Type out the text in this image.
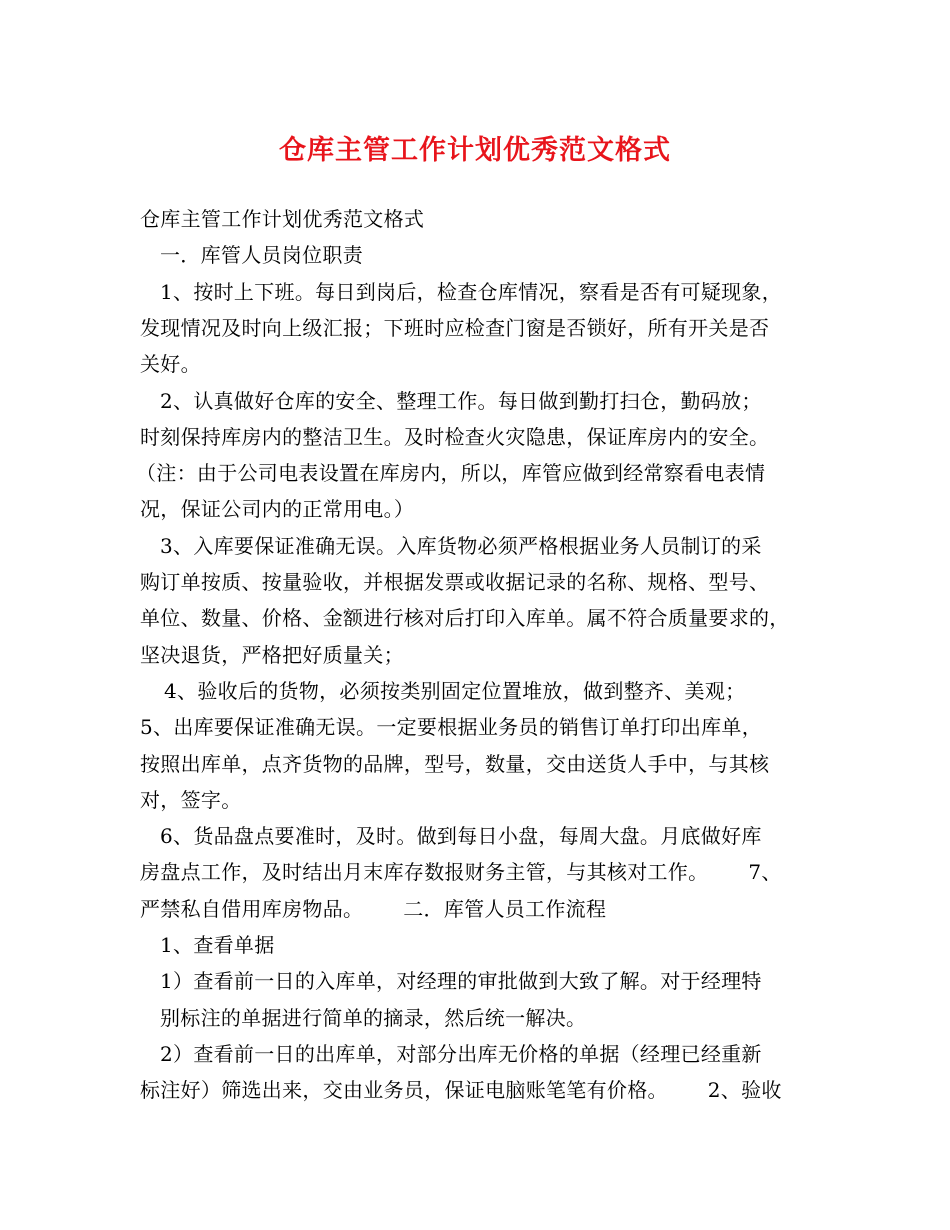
仓库主管工作计划优秀范文格式

仓库主管工作计划优秀范文格式

一．库管人员岗位职责

1、按时上下班。每日到岗后，检查仓库情况，察看是否有可疑现象，

发现情况及时向上级汇报；下班时应检查门窗是否锁好，所有开关是否

关好。

2、认真做好仓库的安全、整理工作。每日做到勤打扫仓，勤码放；

时刻保持库房内的整洁卫生。及时检查火灾隐患，保证库房内的安全。

（注：由于公司电表设置在库房内，所以，库管应做到经常察看电表情

况，保证公司内的正常用电。）

3、入库要保证准确无误。入库货物必须严格根据业务人员制订的采

购订单按质、按量验收，并根据发票或收据记录的名称、规格、型号、

单位、数量、价格、金额进行核对后打印入库单。属不符合质量要求的，

坚决退货，严格把好质量关；

4、验收后的货物，必须按类别固定位置堆放，做到整齐、美观；

5、出库要保证准确无误。一定要根据业务员的销售订单打印出库单，

按照出库单，点齐货物的品牌，型号，数量，交由送货人手中，与其核

对，签字。

6、货品盘点要准时，及时。做到每日小盘，每周大盘。月底做好库

房盘点工作，及时结出月末库存数报财务主管，与其核对工作。      7、

严禁私自借用库房物品。      二．库管人员工作流程

1、查看单据

1）查看前一日的入库单，对经理的审批做到大致了解。对于经理特

别标注的单据进行简单的摘录，然后统一解决。

2）查看前一日的出库单，对部分出库无价格的单据（经理已经重新

标注好）筛选出来，交由业务员，保证电脑账笔笔有价格。      2、验收
